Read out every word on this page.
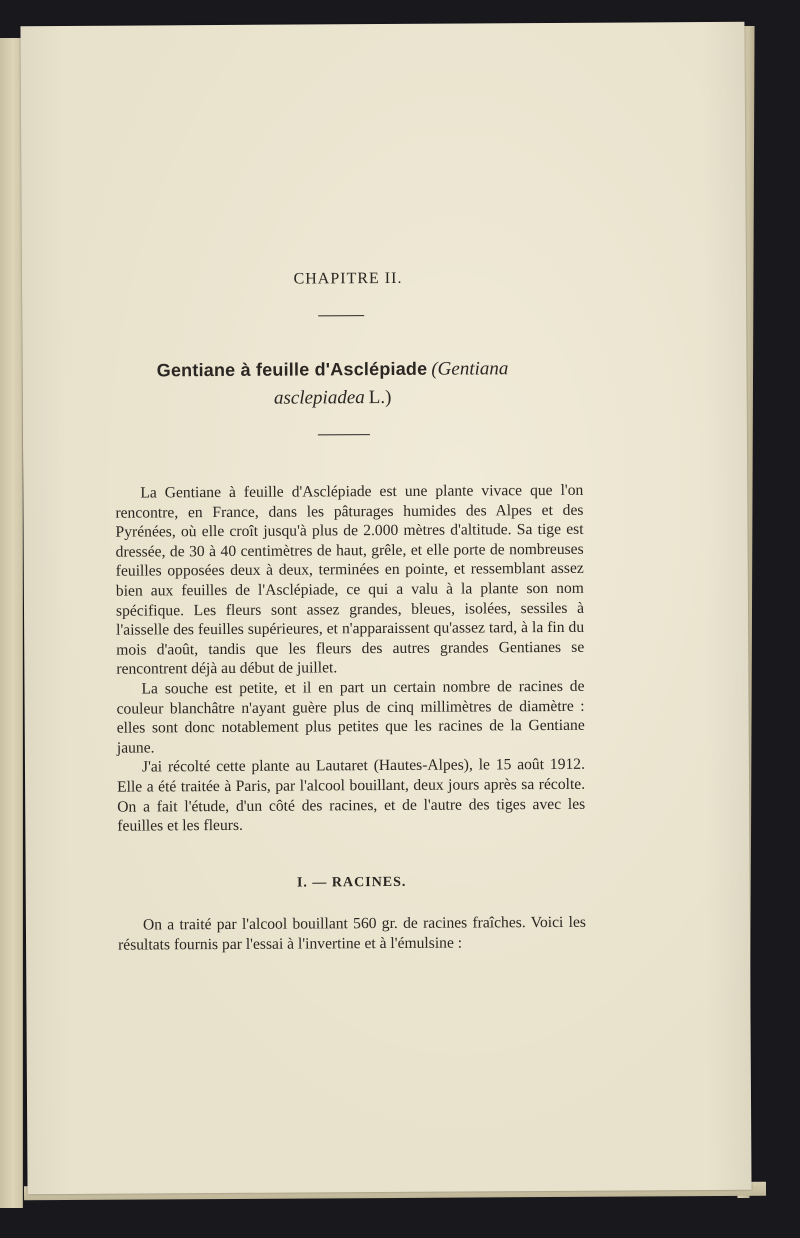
CHAPITRE II.
Gentiane à feuille d'Asclépiade (Gentiana
asclepiadea L.)

La Gentiane à feuille d'Asclépiade est une plante vivace que l'on rencontre, en France, dans les pâturages humides des Alpes et des Pyrénées, où elle croît jusqu'à plus de 2.000 mètres d'altitude. Sa tige est dressée, de 30 à 40 centimètres de haut, grêle, et elle porte de nombreuses feuilles opposées deux à deux, terminées en pointe, et ressemblant assez bien aux feuilles de l'Asclépiade, ce qui a valu à la plante son nom spécifique. Les fleurs sont assez grandes, bleues, isolées, sessiles à l'aisselle des feuilles supérieures, et n'apparaissent qu'assez tard, à la fin du mois d'août, tandis que les fleurs des autres grandes Gentianes se rencontrent déjà au début de juillet.

La souche est petite, et il en part un certain nombre de racines de couleur blanchâtre n'ayant guère plus de cinq millimètres de diamètre : elles sont donc notablement plus petites que les racines de la Gentiane jaune.

J'ai récolté cette plante au Lautaret (Hautes-Alpes), le 15 août 1912. Elle a été traitée à Paris, par l'alcool bouillant, deux jours après sa récolte. On a fait l'étude, d'un côté des racines, et de l'autre des tiges avec les feuilles et les fleurs.

I. — RACINES.

On a traité par l'alcool bouillant 560 gr. de racines fraîches. Voici les résultats fournis par l'essai à l'invertine et à l'émulsine :
